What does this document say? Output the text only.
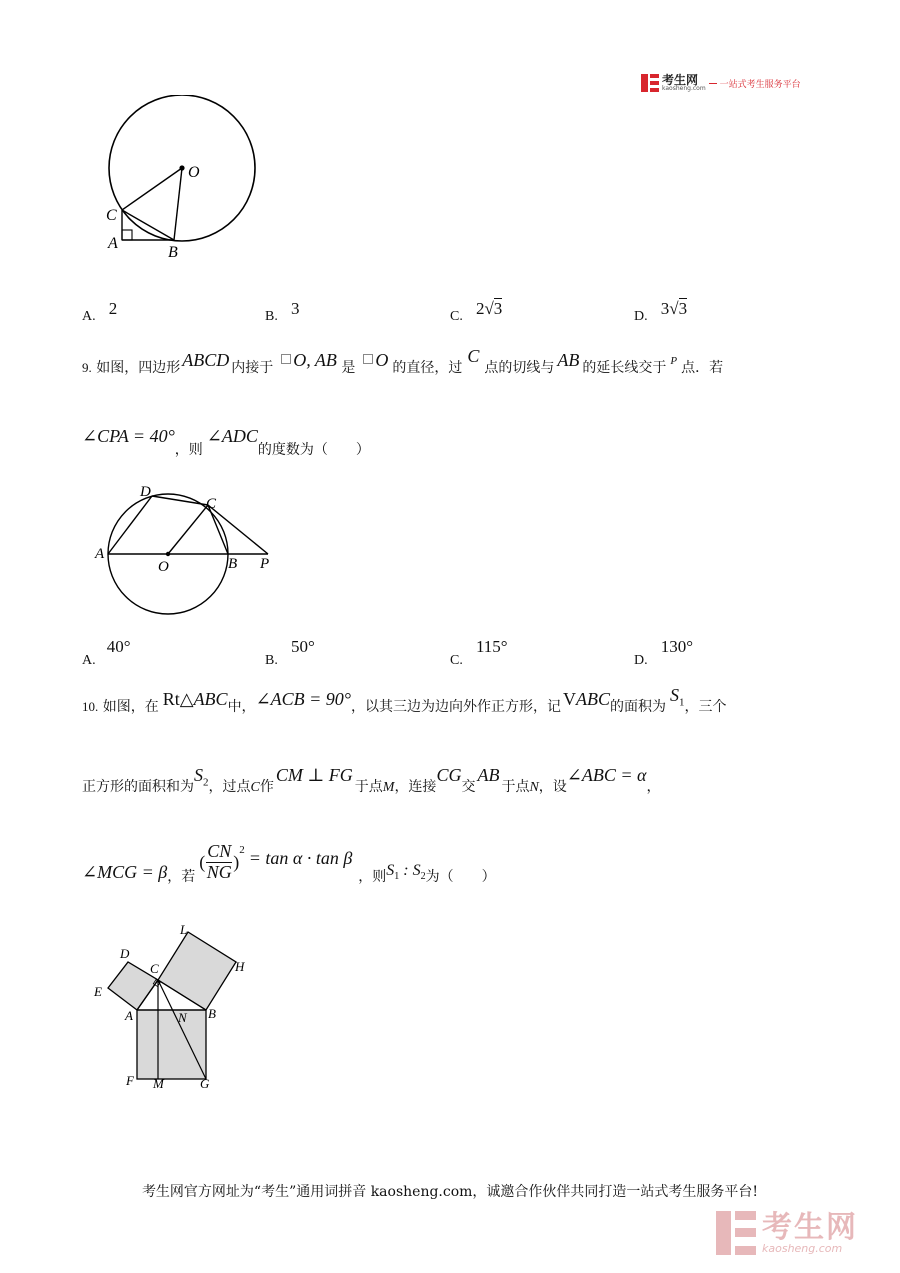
考生网
kaosheng.com 一站式考生服务平台
O
C
A
B
A. 2	B. 3	C. 2√3	D. 3√3
9. 如图，四边形 ABCD 内接于 O, AB 是 O 的直径，过C点的切线与 AB 的延长线交于 $^P$ 点．若
∠CPA = 40°，则∠ADC的度数为（　　）
D
C
A
O	B P
A. 40°
B. 50°
C. 115°
D. 130°
10. 如图，在 Rt△ABC中，∠ACB = 90°，以其三边为边向外作正方形，记 VABC的面积为$S_1$，三个
正方形的面积和为$S_2$，过点C作CM ⊥ FG于点M，连接CG交AB于点N，设∠ABC = α，
∠MCG = β ，若
( $\frac{CN}{NG}$ )
$^2$ = tan α · tan β
，则 $S_1$ : $S_2$ 为（　　）
D
C
L
H
E
A	N B
F M	G
考生网官方网址为“考生”通用词拼音 kaosheng.com，诚邀合作伙伴共同打造一站式考生服务平台!
考生网
kaosheng.com
